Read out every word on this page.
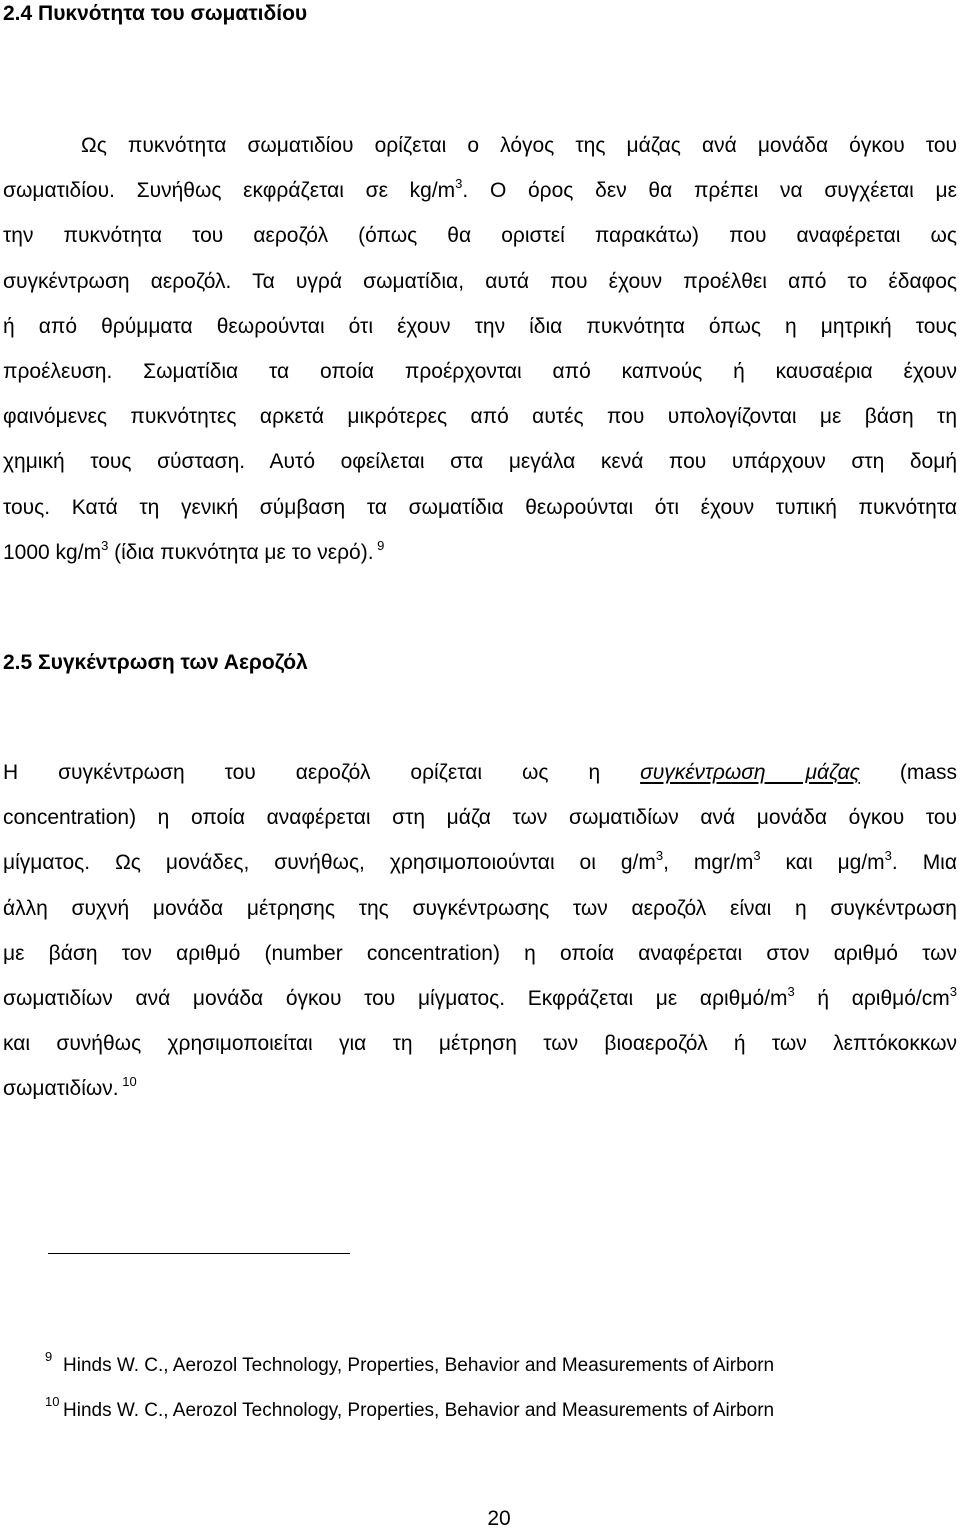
2.4 Πυκνότητα του σωματιδίου
Ως πυκνότητα σωματιδίου ορίζεται ο λόγος της μάζας ανά μονάδα όγκου του
σωματιδίου. Συνήθως εκφράζεται σε $kg/m^3$. Ο όρος δεν θα πρέπει να συγχέεται με
την πυκνότητα του αεροζόλ (όπως θα οριστεί παρακάτω) που αναφέρεται ως
συγκέντρωση αεροζόλ. Τα υγρά σωματίδια, αυτά που έχουν προέλθει από το έδαφος
ή από θρύμματα θεωρούνται ότι έχουν την ίδια πυκνότητα όπως η μητρική τους
προέλευση. Σωματίδια τα οποία προέρχονται από καπνούς ή καυσαέρια έχουν
φαινόμενες πυκνότητες αρκετά μικρότερες από αυτές που υπολογίζονται με βάση τη
χημική τους σύσταση. Αυτό οφείλεται στα μεγάλα κενά που υπάρχουν στη δομή
τους. Κατά τη γενική σύμβαση τα σωματίδια θεωρούνται ότι έχουν τυπική πυκνότητα
1000 $kg/m^3$ (ίδια πυκνότητα με το νερό). $^9$
2.5 Συγκέντρωση των Αεροζόλ
Η συγκέντρωση του αεροζόλ ορίζεται ως η συγκέντρωση μάζας (mass
concentration) η οποία αναφέρεται στη μάζα των σωματιδίων ανά μονάδα όγκου του
μίγματος. Ως μονάδες, συνήθως, χρησιμοποιούνται οι $g/m^3$, mgr/$m^3$ και $\mu g/m^3$. Μια
άλλη συχνή μονάδα μέτρησης της συγκέντρωσης των αεροζόλ είναι η συγκέντρωση
με βάση τον αριθμό (number concentration) η οποία αναφέρεται στον αριθμό των
σωματιδίων ανά μονάδα όγκου του μίγματος. Εκφράζεται με αριθμό/$m^3$ ή αριθμό/$cm^3$
και συνήθως χρησιμοποιείται για τη μέτρηση των βιοαεροζόλ ή των λεπτόκοκκων
σωματιδίων. $^{10}$

$^9$ Hinds W. C., Aerozol Technology, Properties, Behavior and Measurements of Airborn

$^{10}$ Hinds W. C., Aerozol Technology, Properties, Behavior and Measurements of Airborn

20
